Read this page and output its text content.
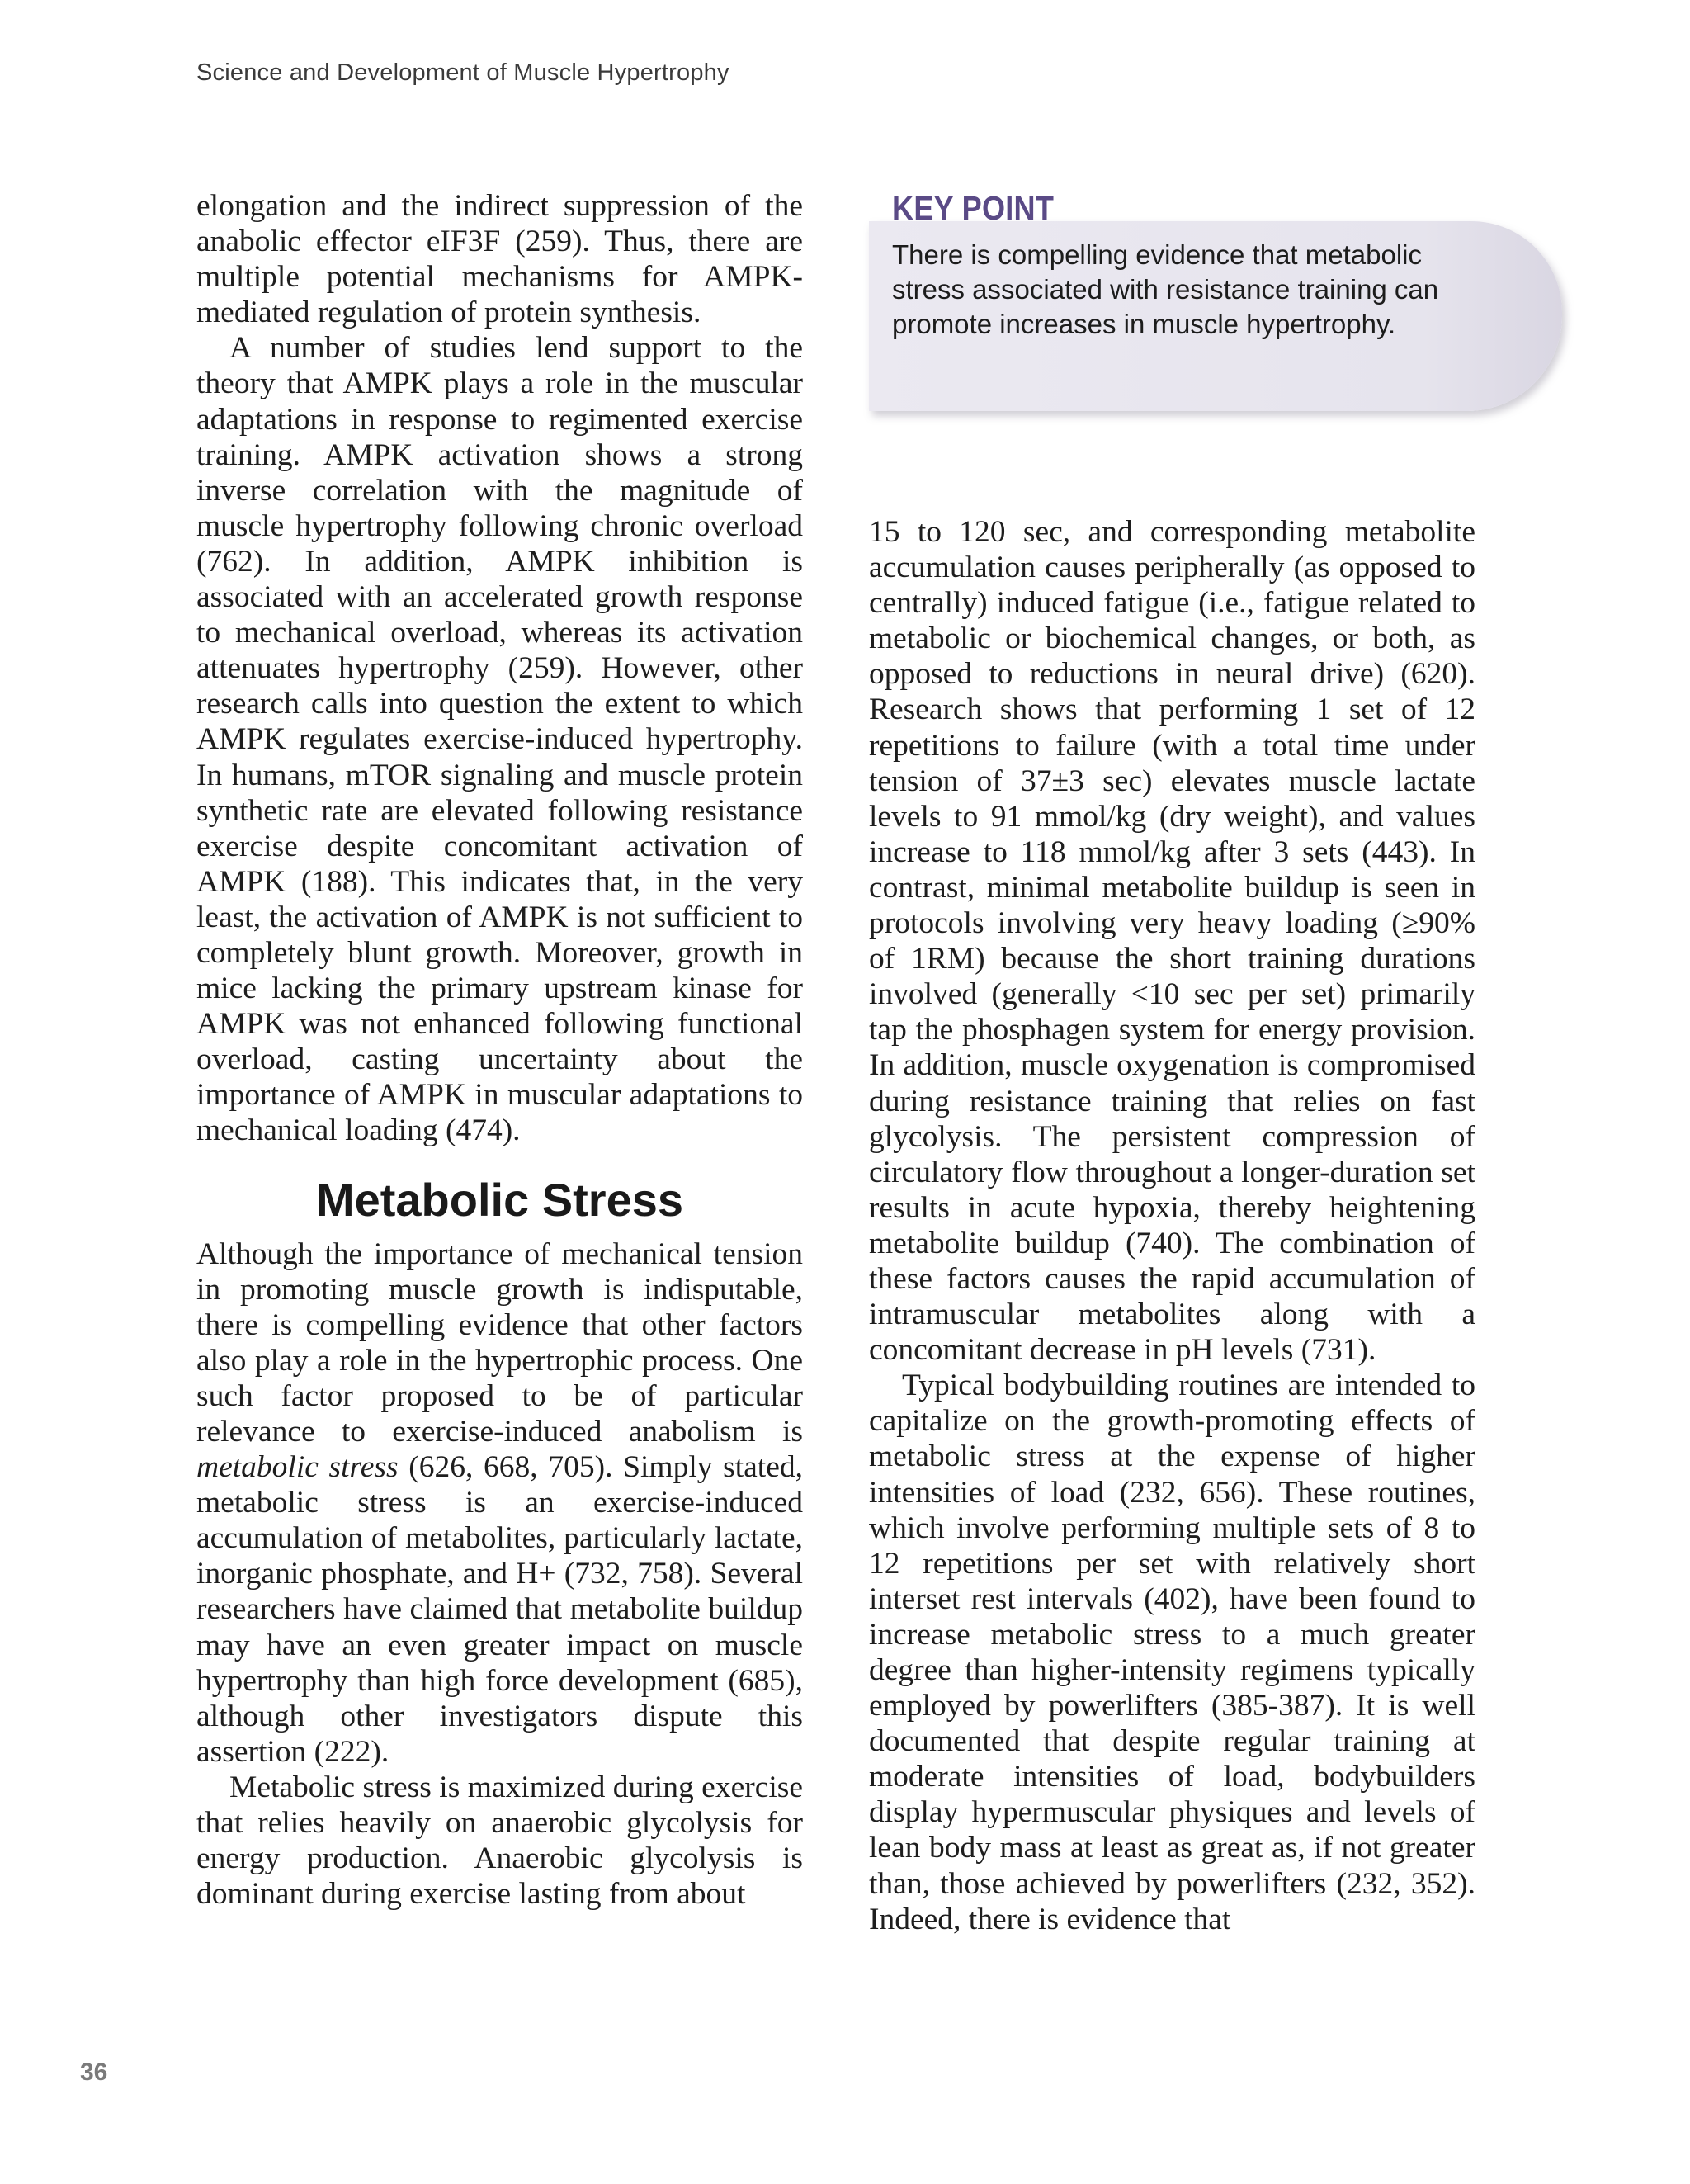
Science and Development of Muscle Hypertrophy

elongation and the indirect suppression of the anabolic effector eIF3F (259). Thus, there are multiple potential mechanisms for AMPK-mediated regulation of protein synthesis.

A number of studies lend support to the theory that AMPK plays a role in the muscular adaptations in response to regimented exercise training. AMPK activation shows a strong inverse correlation with the magnitude of muscle hypertrophy following chronic overload (762). In addition, AMPK inhibition is associated with an accelerated growth response to mechanical overload, whereas its activation attenuates hypertrophy (259). However, other research calls into question the extent to which AMPK regulates exercise-induced hypertrophy. In humans, mTOR signaling and muscle protein synthetic rate are elevated following resistance exercise despite concomitant activation of AMPK (188). This indicates that, in the very least, the activation of AMPK is not sufficient to completely blunt growth. Moreover, growth in mice lacking the primary upstream kinase for AMPK was not enhanced following functional overload, casting uncertainty about the importance of AMPK in muscular adaptations to mechanical loading (474).

Metabolic Stress

Although the importance of mechanical tension in promoting muscle growth is indisputable, there is compelling evidence that other factors also play a role in the hypertrophic process. One such factor proposed to be of particular relevance to exercise-induced anabolism is metabolic stress (626, 668, 705). Simply stated, metabolic stress is an exercise-induced accumulation of metabolites, particularly lactate, inorganic phosphate, and H+ (732, 758). Several researchers have claimed that metabolite buildup may have an even greater impact on muscle hypertrophy than high force development (685), although other investigators dispute this assertion (222).

Metabolic stress is maximized during exercise that relies heavily on anaerobic glycolysis for energy production. Anaerobic glycolysis is dominant during exercise lasting from about

KEY POINT
There is compelling evidence that metabolic stress associated with resistance training can promote increases in muscle hypertrophy.

15 to 120 sec, and corresponding metabolite accumulation causes peripherally (as opposed to centrally) induced fatigue (i.e., fatigue related to metabolic or biochemical changes, or both, as opposed to reductions in neural drive) (620). Research shows that performing 1 set of 12 repetitions to failure (with a total time under tension of 37±3 sec) elevates muscle lactate levels to 91 mmol/kg (dry weight), and values increase to 118 mmol/kg after 3 sets (443). In contrast, minimal metabolite buildup is seen in protocols involving very heavy loading (≥90% of 1RM) because the short training durations involved (generally <10 sec per set) primarily tap the phosphagen system for energy provision. In addition, muscle oxygenation is compromised during resistance training that relies on fast glycolysis. The persistent compression of circulatory flow throughout a longer-duration set results in acute hypoxia, thereby heightening metabolite buildup (740). The combination of these factors causes the rapid accumulation of intramuscular metabolites along with a concomitant decrease in pH levels (731).

Typical bodybuilding routines are intended to capitalize on the growth-promoting effects of metabolic stress at the expense of higher intensities of load (232, 656). These routines, which involve performing multiple sets of 8 to 12 repetitions per set with relatively short interset rest intervals (402), have been found to increase metabolic stress to a much greater degree than higher-intensity regimens typically employed by powerlifters (385-387). It is well documented that despite regular training at moderate intensities of load, bodybuilders display hypermuscular physiques and levels of lean body mass at least as great as, if not greater than, those achieved by powerlifters (232, 352). Indeed, there is evidence that

36
